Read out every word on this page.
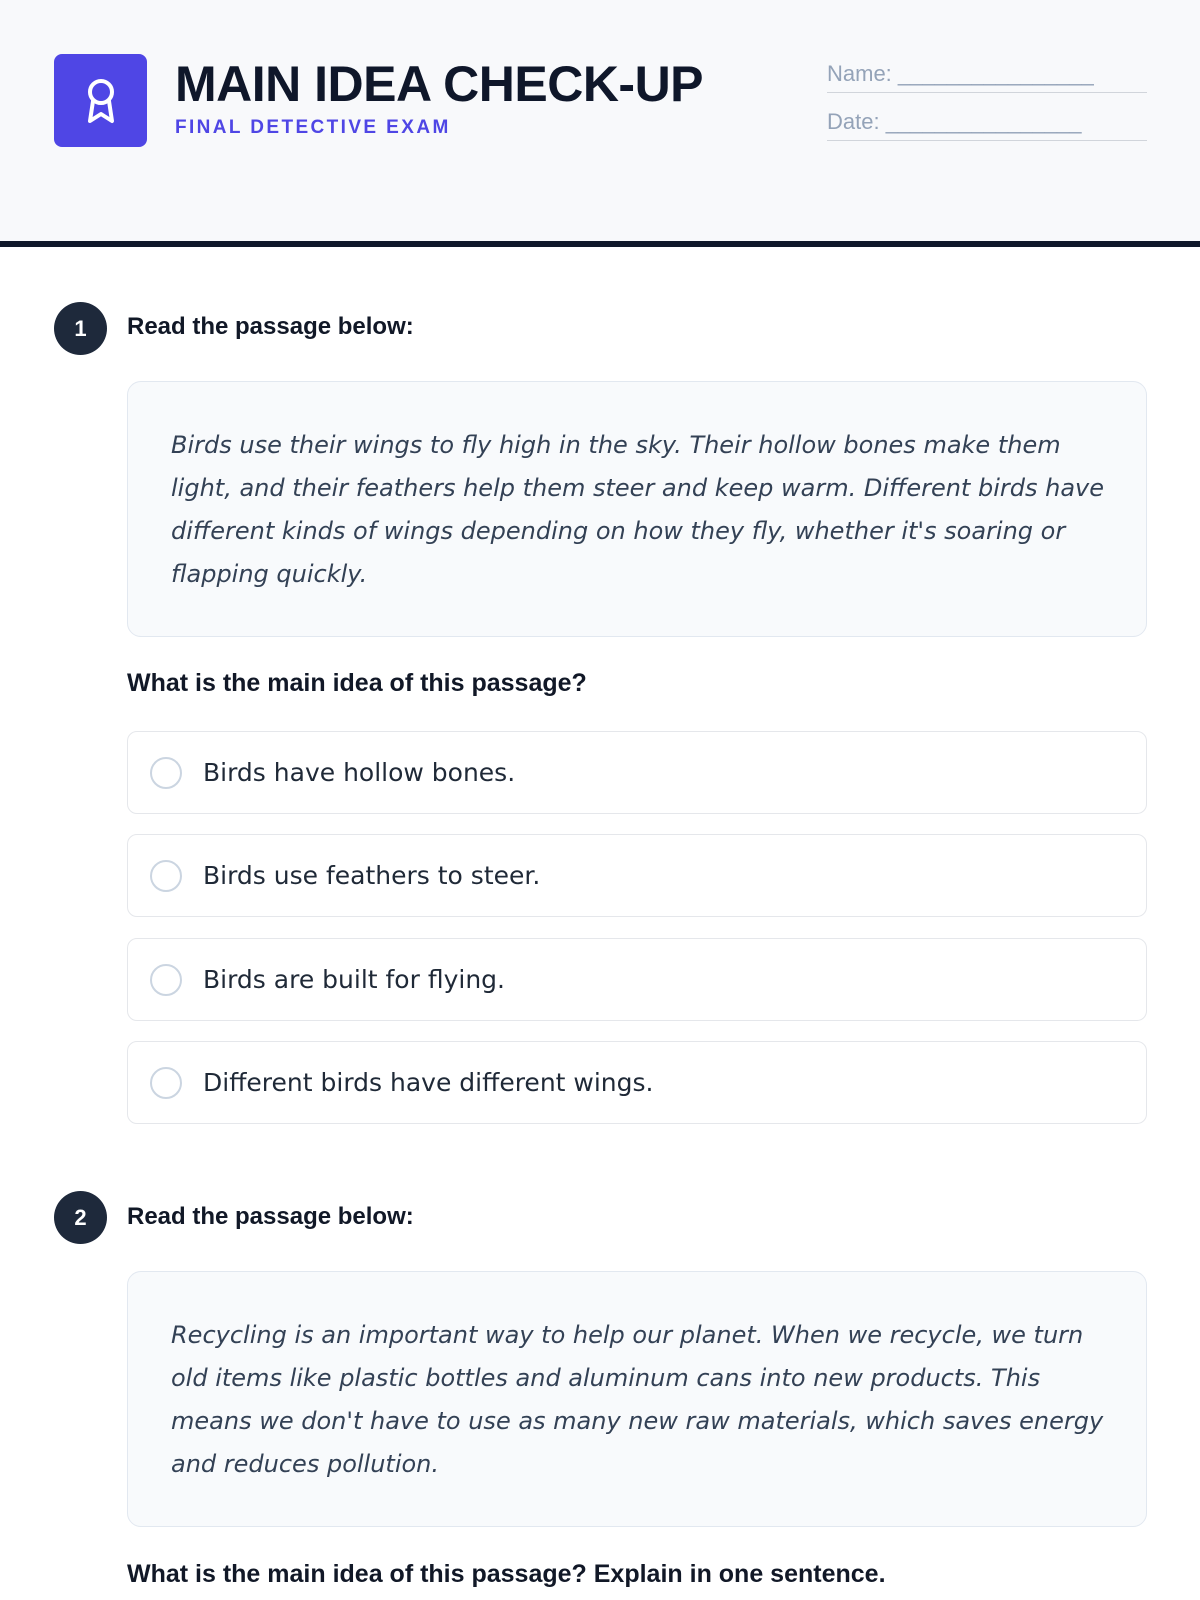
MAIN IDEA CHECK-UP
FINAL DETECTIVE EXAM
Name: ________________
Date: ________________
1	Read the passage below:

Birds use their wings to fly high in the sky. Their hollow bones make them light, and their feathers help them steer and keep warm. Different birds have different kinds of wings depending on how they fly, whether it's soaring or flapping quickly.

What is the main idea of this passage?
Birds have hollow bones.
Birds use feathers to steer.
Birds are built for flying.
Different birds have different wings.
2	Read the passage below:

Recycling is an important way to help our planet. When we recycle, we turn old items like plastic bottles and aluminum cans into new products. This means we don't have to use as many new raw materials, which saves energy and reduces pollution.

What is the main idea of this passage? Explain in one sentence.
